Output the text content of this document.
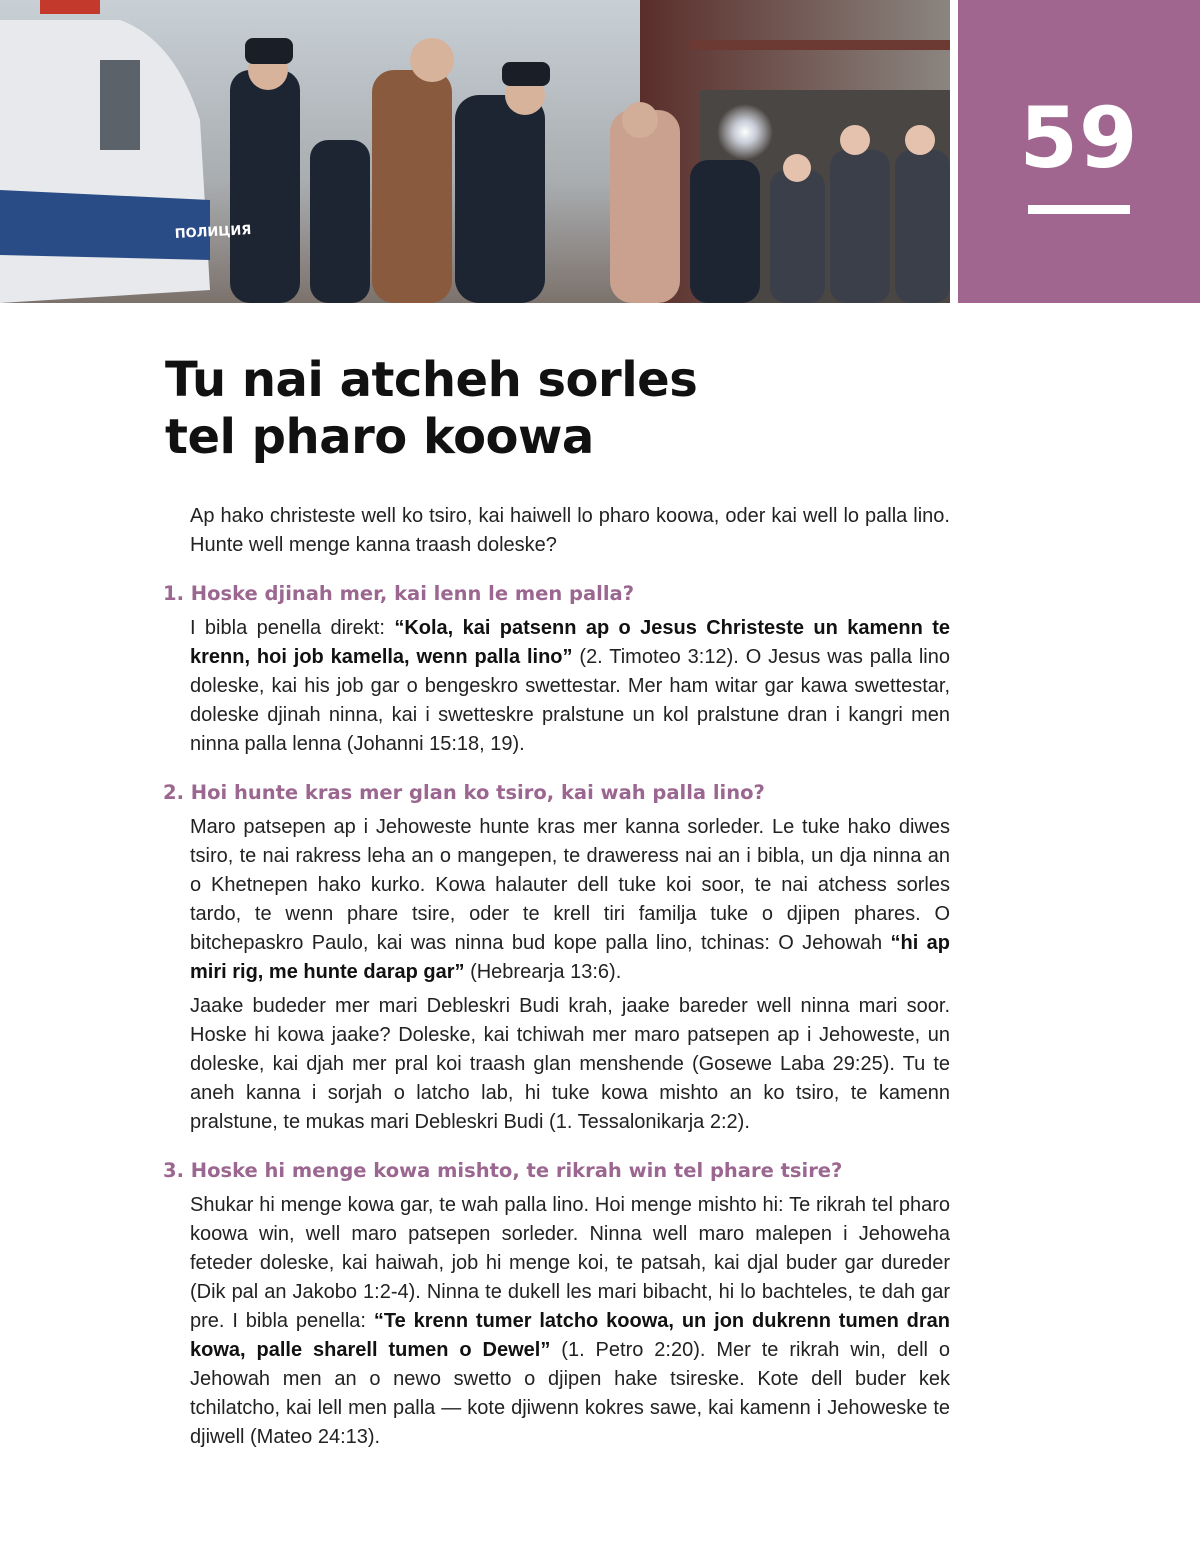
ПОЛИЦИЯ
59
Tu nai atcheh sorles
tel pharo koowa

Ap hako christeste well ko tsiro, kai haiwell lo pharo koowa, oder kai well lo palla lino. Hunte well menge kanna traash doleske?

1. Hoske djinah mer, kai lenn le men palla?

I bibla penella direkt: “Kola, kai patsenn ap o Jesus Christeste un kamenn te krenn, hoi job kamella, wenn palla lino” (2. Timoteo 3:12). O Jesus was palla lino doleske, kai his job gar o bengeskro swettestar. Mer ham witar gar kawa swettestar, doleske djinah ninna, kai i swetteskre pralstune un kol pralstune dran i kangri men ninna palla lenna (Johanni 15:18, 19).

2. Hoi hunte kras mer glan ko tsiro, kai wah palla lino?

Maro patsepen ap i Jehoweste hunte kras mer kanna sorleder. Le tuke hako diwes tsiro, te nai rakress leha an o mangepen, te draweress nai an i bibla, un dja ninna an o Khetnepen hako kurko. Kowa halauter dell tuke koi soor, te nai atchess sorles tardo, te wenn phare tsire, oder te krell tiri familja tuke o djipen phares. O bitchepaskro Paulo, kai was ninna bud kope palla lino, tchinas: O Jehowah “hi ap miri rig, me hunte darap gar” (Hebrearja 13:6).

Jaake budeder mer mari Debleskri Budi krah, jaake bareder well ninna mari soor. Hoske hi kowa jaake? Doleske, kai tchiwah mer maro patsepen ap i Jehoweste, un doleske, kai djah mer pral koi traash glan menshende (Gosewe Laba 29:25). Tu te aneh kanna i sorjah o latcho lab, hi tuke kowa mishto an ko tsiro, te kamenn pralstune, te mukas mari Debleskri Budi (1. Tessalonikarja 2:2).

3. Hoske hi menge kowa mishto, te rikrah win tel phare tsire?

Shukar hi menge kowa gar, te wah palla lino. Hoi menge mishto hi: Te rikrah tel pharo koowa win, well maro patsepen sorleder. Ninna well maro malepen i Jehoweha feteder doleske, kai haiwah, job hi menge koi, te patsah, kai djal buder gar dureder (Dik pal an Jakobo 1:2-4). Ninna te dukell les mari bibacht, hi lo bachteles, te dah gar pre. I bibla penella: “Te krenn tumer latcho koowa, un jon dukrenn tumen dran kowa, palle sharell tumen o Dewel” (1. Petro 2:20). Mer te rikrah win, dell o Jehowah men an o newo swetto o djipen hake tsireske. Kote dell buder kek tchilatcho, kai lell men palla — kote djiwenn kokres sawe, kai kamenn i Jehoweske te djiwell (Mateo 24:13).
